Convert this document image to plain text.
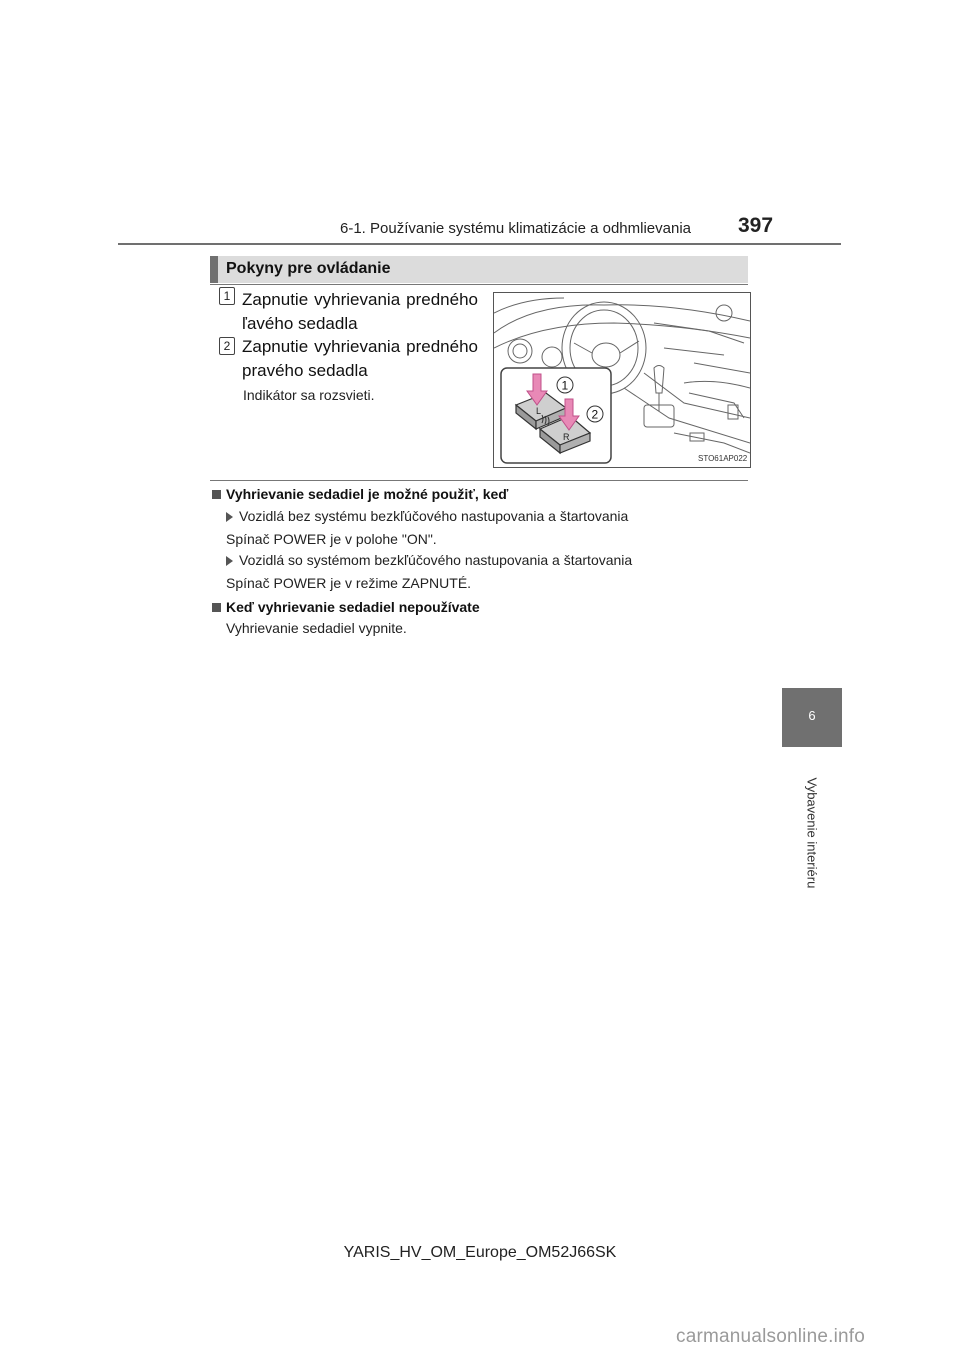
6-1. Používanie systému klimatizácie a odhmlievania 397
6
Vybavenie interiéru
Pokyny pre ovládanie
1 Zapnutie vyhrievania predného ľavého sedadla
2 Zapnutie vyhrievania predného pravého sedadla
Indikátor sa rozsvieti.
L
R
1
2
STO61AP022
Vyhrievanie sedadiel je možné použiť, keď
Vozidlá bez systému bezkľúčového nastupovania a štartovania
Spínač POWER je v polohe "ON".
Vozidlá so systémom bezkľúčového nastupovania a štartovania
Spínač POWER je v režime ZAPNUTÉ.
Keď vyhrievanie sedadiel nepoužívate
Vyhrievanie sedadiel vypnite.
YARIS_HV_OM_Europe_OM52J66SK
carmanualsonline.info
